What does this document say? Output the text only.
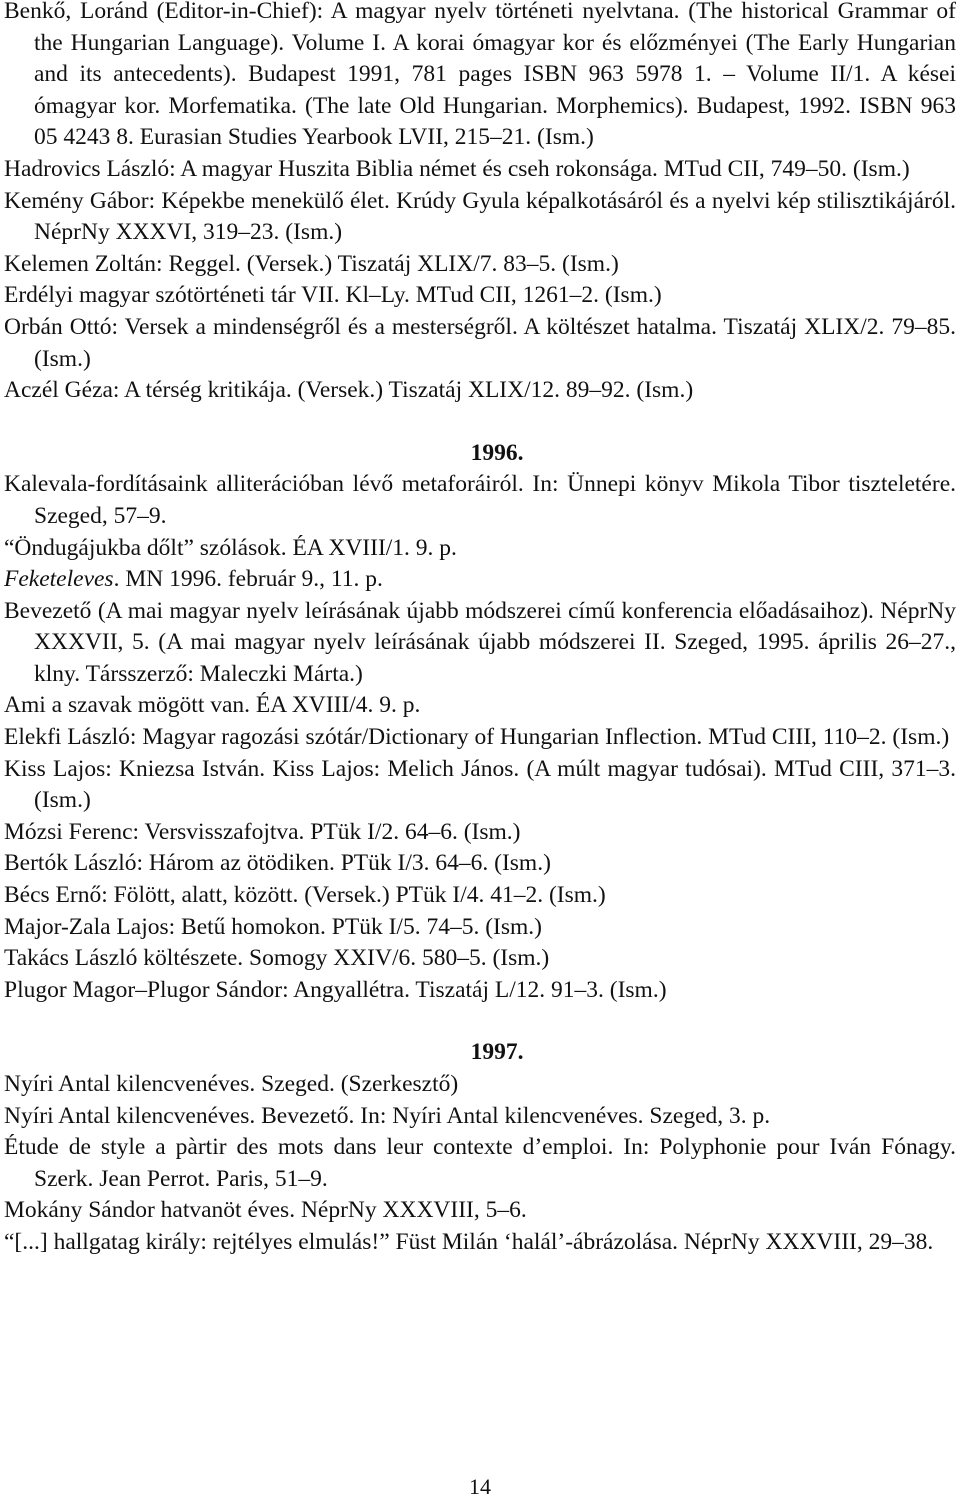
Benkő, Loránd (Editor-in-Chief): A magyar nyelv történeti nyelvtana. (The historical Grammar of the Hungarian Language). Volume I. A korai ómagyar kor és előzményei (The Early Hungarian and its antecedents). Budapest 1991, 781 pages ISBN 963 5978 1. – Volume II/1. A kései ómagyar kor. Morfematika. (The late Old Hungarian. Morphemics). Budapest, 1992. ISBN 963 05 4243 8. Eurasian Studies Yearbook LVII, 215–21. (Ism.)
Hadrovics László: A magyar Huszita Biblia német és cseh rokonsága. MTud CII, 749–50. (Ism.)
Kemény Gábor: Képekbe menekülő élet. Krúdy Gyula képalkotásáról és a nyelvi kép stilisztikájáról. NéprNy XXXVI, 319–23. (Ism.)
Kelemen Zoltán: Reggel. (Versek.) Tiszatáj XLIX/7. 83–5. (Ism.)
Erdélyi magyar szótörténeti tár VII. Kl–Ly. MTud CII, 1261–2. (Ism.)
Orbán Ottó: Versek a mindenségről és a mesterségről. A költészet hatalma. Tiszatáj XLIX/2. 79–85. (Ism.)
Aczél Géza: A térség kritikája. (Versek.) Tiszatáj XLIX/12. 89–92. (Ism.)
1996.
Kalevala-fordításaink alliterációban lévő metaforáiról. In: Ünnepi könyv Mikola Tibor tiszteletére. Szeged, 57–9.
“Öndugájukba dőlt” szólások. ÉA XVIII/1. 9. p.
Feketeleves. MN 1996. február 9., 11. p.
Bevezető (A mai magyar nyelv leírásának újabb módszerei című konferencia előadásaihoz). NéprNy XXXVII, 5. (A mai magyar nyelv leírásának újabb módszerei II. Szeged, 1995. április 26–27., klny. Társszerző: Maleczki Márta.)
Ami a szavak mögött van. ÉA XVIII/4. 9. p.
Elekfi László: Magyar ragozási szótár/Dictionary of Hungarian Inflection. MTud CIII, 110–2. (Ism.)
Kiss Lajos: Kniezsa István. Kiss Lajos: Melich János. (A múlt magyar tudósai). MTud CIII, 371–3. (Ism.)
Mózsi Ferenc: Versvisszafojtva. PTük I/2. 64–6. (Ism.)
Bertók László: Három az ötödiken. PTük I/3. 64–6. (Ism.)
Bécs Ernő: Fölött, alatt, között. (Versek.) PTük I/4. 41–2. (Ism.)
Major-Zala Lajos: Betű homokon. PTük I/5. 74–5. (Ism.)
Takács László költészete. Somogy XXIV/6. 580–5. (Ism.)
Plugor Magor–Plugor Sándor: Angyallétra. Tiszatáj L/12. 91–3. (Ism.)
1997.
Nyíri Antal kilencvenéves. Szeged. (Szerkesztő)
Nyíri Antal kilencvenéves. Bevezető. In: Nyíri Antal kilencvenéves. Szeged, 3. p.
Étude de style a pàrtir des mots dans leur contexte d’emploi. In: Polyphonie pour Iván Fónagy. Szerk. Jean Perrot. Paris, 51–9.
Mokány Sándor hatvanöt éves. NéprNy XXXVIII, 5–6.
“[...] hallgatag király: rejtélyes elmulás!” Füst Milán ‘halál’-ábrázolása. NéprNy XXXVIII, 29–38.
14
